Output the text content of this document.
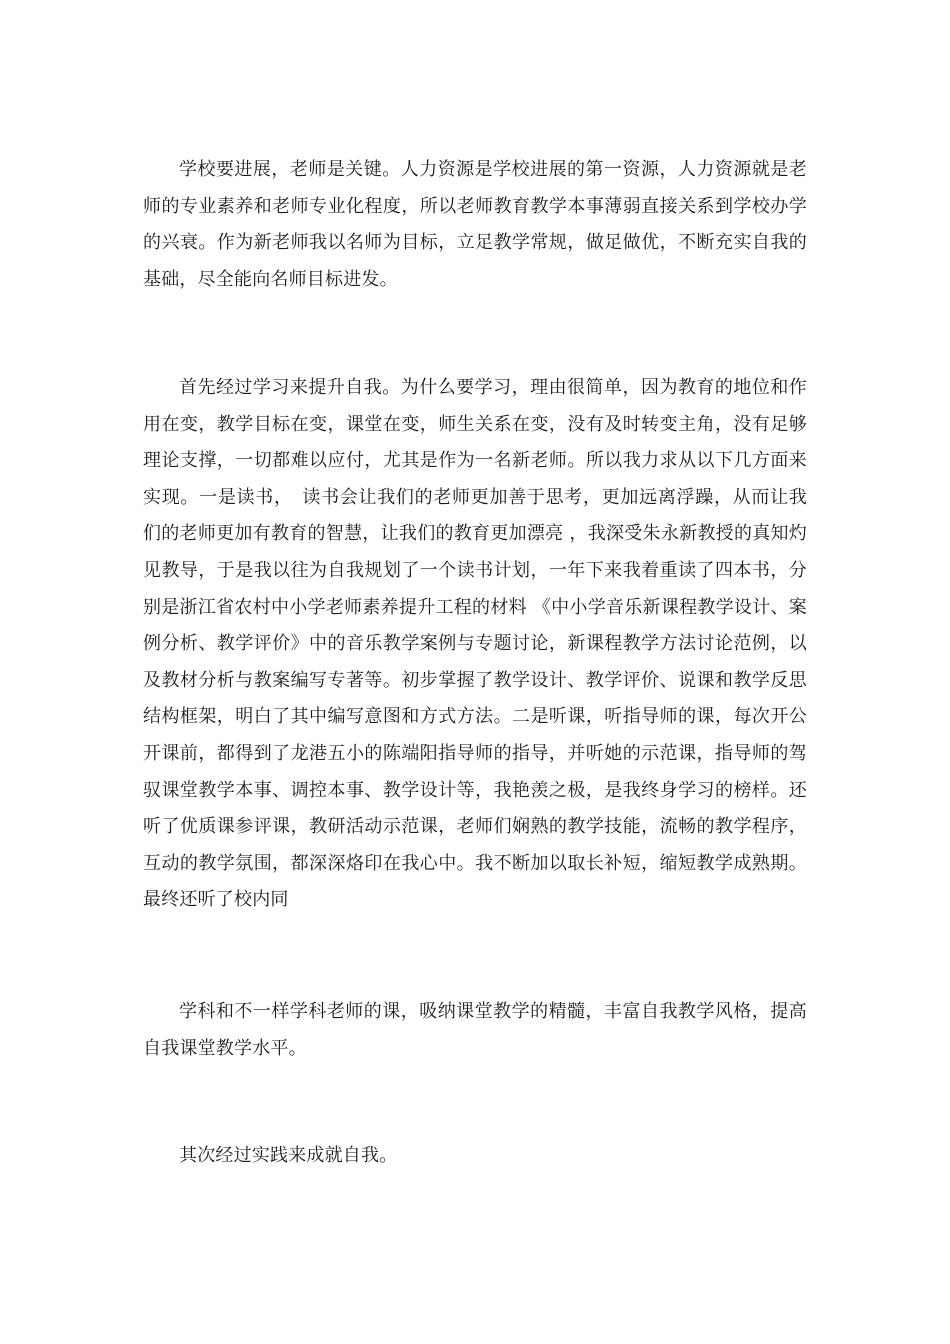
学校要进展，老师是关键。人力资源是学校进展的第一资源，人力资源就是老师的专业素养和老师专业化程度，所以老师教育教学本事薄弱直接关系到学校办学的兴衰。作为新老师我以名师为目标，立足教学常规，做足做优，不断充实自我的基础，尽全能向名师目标进发。

首先经过学习来提升自我。为什么要学习，理由很简单，因为教育的地位和作用在变，教学目标在变，课堂在变，师生关系在变，没有及时转变主角，没有足够理论支撑，一切都难以应付，尤其是作为一名新老师。所以我力求从以下几方面来实现。一是读书，　读书会让我们的老师更加善于思考，更加远离浮躁，从而让我们的老师更加有教育的智慧，让我们的教育更加漂亮 ，我深受朱永新教授的真知灼见教导，于是我以往为自我规划了一个读书计划，一年下来我着重读了四本书，分别是浙江省农村中小学老师素养提升工程的材料 《中小学音乐新课程教学设计、案例分析、教学评价》中的音乐教学案例与专题讨论，新课程教学方法讨论范例，以及教材分析与教案编写专著等。初步掌握了教学设计、教学评价、说课和教学反思结构框架，明白了其中编写意图和方式方法。二是听课，听指导师的课，每次开公开课前，都得到了龙港五小的陈端阳指导师的指导，并听她的示范课，指导师的驾驭课堂教学本事、调控本事、教学设计等，我艳羡之极，是我终身学习的榜样。还听了优质课参评课，教研活动示范课，老师们娴熟的教学技能，流畅的教学程序，互动的教学氛围，都深深烙印在我心中。我不断加以取长补短，缩短教学成熟期。最终还听了校内同

学科和不一样学科老师的课，吸纳课堂教学的精髓，丰富自我教学风格，提高自我课堂教学水平。

其次经过实践来成就自我。
